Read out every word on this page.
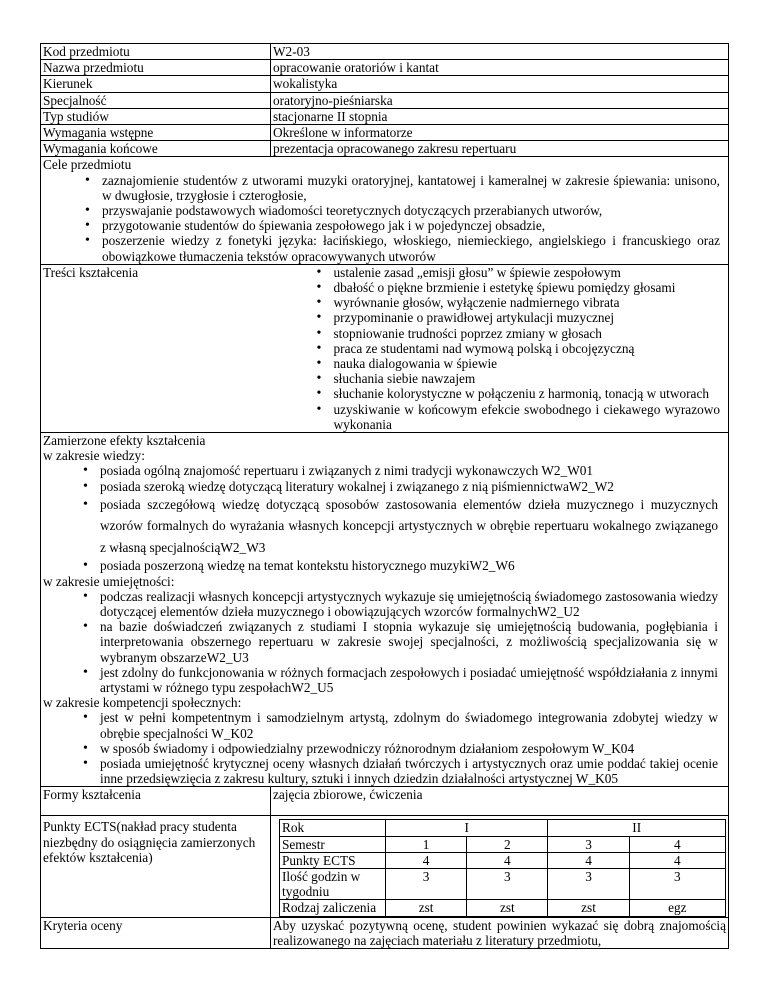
Kod przedmiotu	W2-03
Nazwa przedmiotu	opracowanie oratoriów i kantat
Kierunek	wokalistyka
Specjalność	oratoryjno-pieśniarska
Typ studiów	stacjonarne II stopnia
Wymagania wstępne	Określone w informatorze
Wymagania końcowe	prezentacja opracowanego zakresu repertuaru

Cele przedmiotu
• zaznajomienie studentów z utworami muzyki oratoryjnej, kantatowej i kameralnej w zakresie śpiewania: unisono, w dwugłosie, trzygłosie i czterogłosie,
• przyswajanie podstawowych wiadomości teoretycznych dotyczących przerabianych utworów,
• przygotowanie studentów do śpiewania zespołowego jak i w pojedynczej obsadzie,
• poszerzenie wiedzy z fonetyki języka: łacińskiego, włoskiego, niemieckiego, angielskiego i francuskiego oraz obowiązkowe tłumaczenia tekstów opracowywanych utworów

Treści kształcenia	
•ustalenie zasad „emisji głosu” w śpiewie zespołowym
• dbałość o piękne brzmienie i estetykę śpiewu pomiędzy głosami
• wyrównanie głosów, wyłączenie nadmiernego vibrata
• przypominanie o prawidłowej artykulacji muzycznej
• stopniowanie trudności poprzez zmiany w głosach
• praca ze studentami nad wymową polską i obcojęzyczną
• nauka dialogowania w śpiewie
• słuchania siebie nawzajem
• słuchanie kolorystyczne w połączeniu z harmonią, tonacją w utworach
• uzyskiwanie w końcowym efekcie swobodnego i ciekawego wyrazowo wykonania

Zamierzone efekty kształcenia
w zakresie wiedzy:
• posiada ogólną znajomość repertuaru i związanych z nimi tradycji wykonawczych W2_W01
• posiada szeroką wiedzę dotyczącą literatury wokalnej i związanego z nią piśmiennictwaW2_W2
• posiada szczegółową wiedzę dotyczącą sposobów zastosowania elementów dzieła muzycznego i muzycznych wzorów formalnych do wyrażania własnych koncepcji artystycznych w obrębie repertuaru wokalnego związanego z własną specjalnościąW2_W3
• posiada poszerzoną wiedzę na temat kontekstu historycznego muzykiW2_W6
w zakresie umiejętności:
• podczas realizacji własnych koncepcji artystycznych wykazuje się umiejętnością świadomego zastosowania wiedzy dotyczącej elementów dzieła muzycznego i obowiązujących wzorców formalnychW2_U2
• na bazie doświadczeń związanych z studiami I stopnia wykazuje się umiejętnością budowania, pogłębiania i interpretowania obszernego repertuaru w zakresie swojej specjalności, z możliwością specjalizowania się w wybranym obszarzeW2_U3
• jest zdolny do funkcjonowania w różnych formacjach zespołowych i posiadać umiejętność współdziałania z innymi artystami w różnego typu zespołachW2_U5
w zakresie kompetencji społecznych:
• jest w pełni kompetentnym i samodzielnym artystą, zdolnym do świadomego integrowania zdobytej wiedzy w obrębie specjalności W_K02
• w sposób świadomy i odpowiedzialny przewodniczy różnorodnym działaniom zespołowym W_K04
• posiada umiejętność krytycznej oceny własnych działań twórczych i artystycznych oraz umie poddać takiej ocenie inne przedsięwzięcia z zakresu kultury, sztuki i innych dziedzin działalności artystycznej W_K05

Formy kształcenia	zajęcia zbiorowe, ćwiczenia
Punkty ECTS(nakład pracy studenta niezbędny do osiągnięcia zamierzonych efektów kształcenia)	
Rok	I	II
Semestr	1	2	3	4
Punkty ECTS	4	4	4	4
Ilość godzin w tygodniu	3	3	3	3
Rodzaj zaliczenia	zst	zst	zst	egz

Kryteria oceny	Aby uzyskać pozytywną ocenę, student powinien wykazać się dobrą znajomością realizowanego na zajęciach materiału z literatury przedmiotu,
